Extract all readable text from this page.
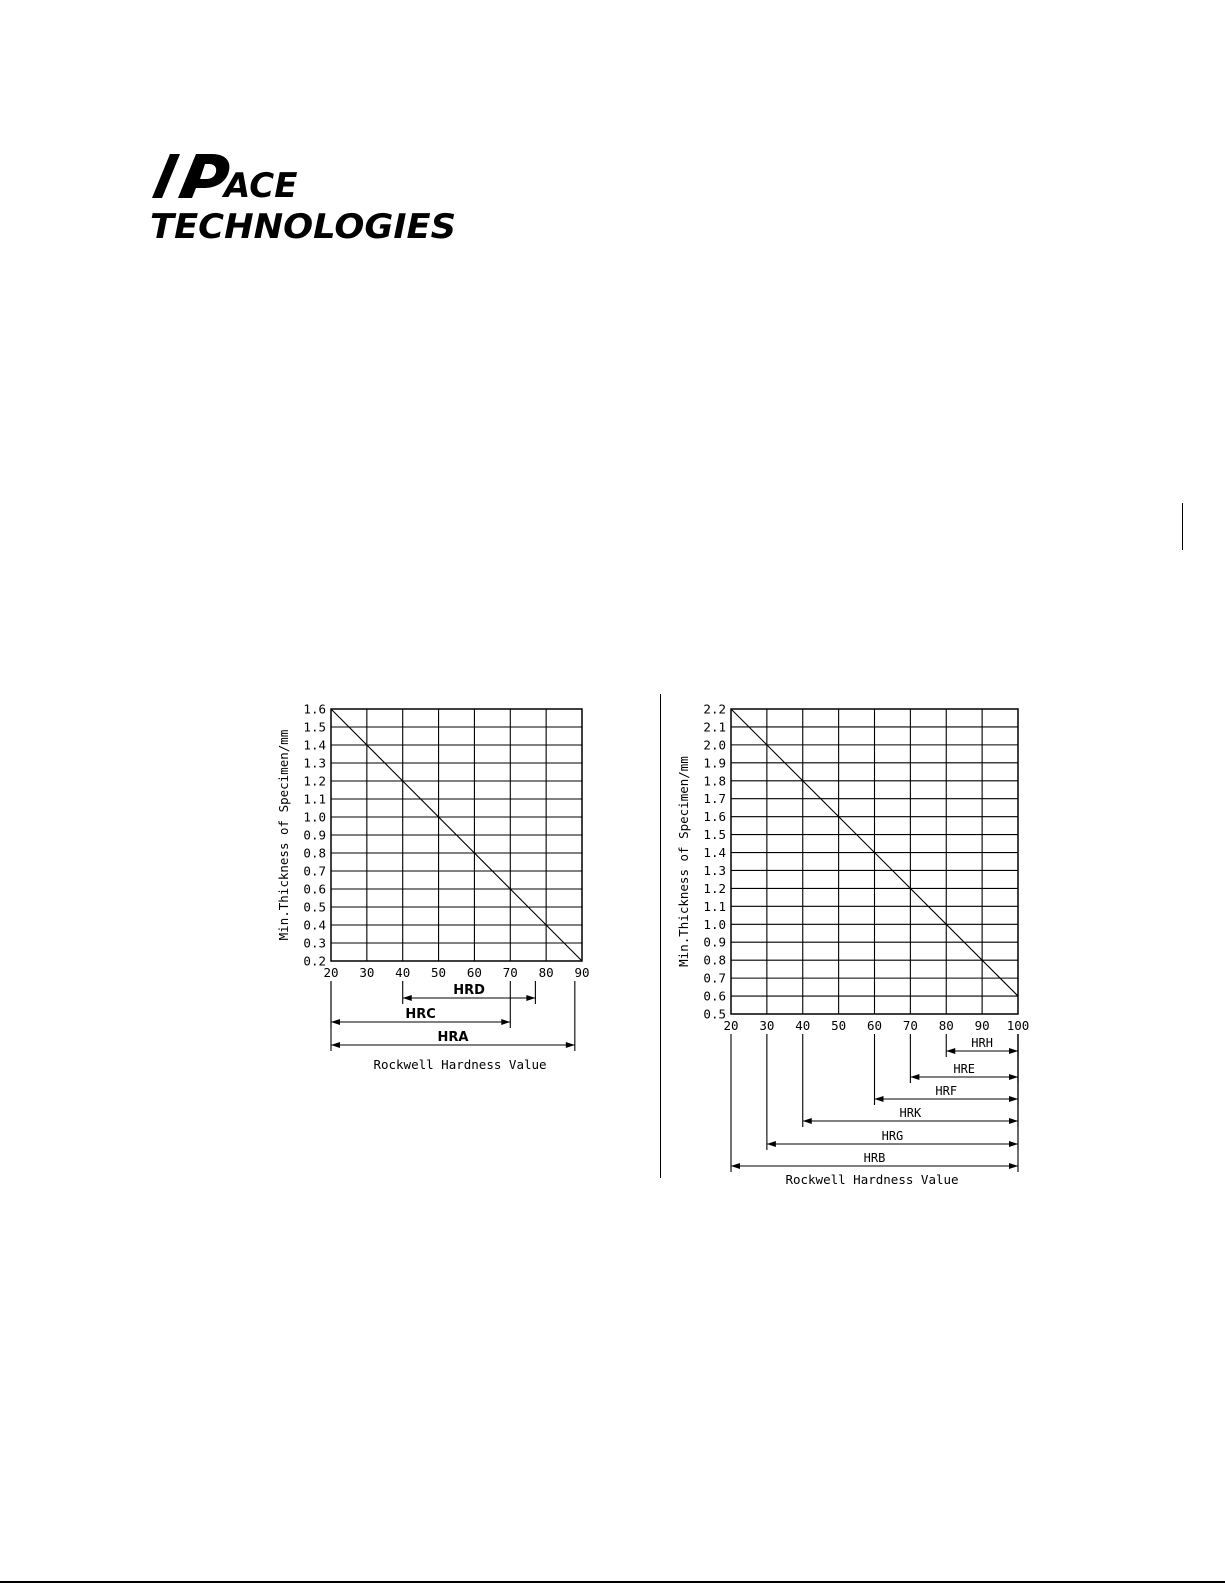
ACE
TECHNOLOGIES
0.2
0.3
0.4
0.5
0.6
0.7
0.8
0.9
1.0
1.1
1.2
1.3
1.4
1.5
1.6
20 30 40 50 60 70 80 90
Min.Thickness of Specimen/mm
HRD
HRC
HRA
Rockwell Hardness Value
0.5
0.6
0.7
0.8
0.9
1.0
1.1
1.2
1.3
1.4
1.5
1.6
1.7
1.8
1.9
2.0
2.1
2.2
20 30 40 50 60 70 80 90 100
Min.Thickness of Specimen/mm
HRH
HRE
HRF
HRK
HRG
HRB
Rockwell Hardness Value
